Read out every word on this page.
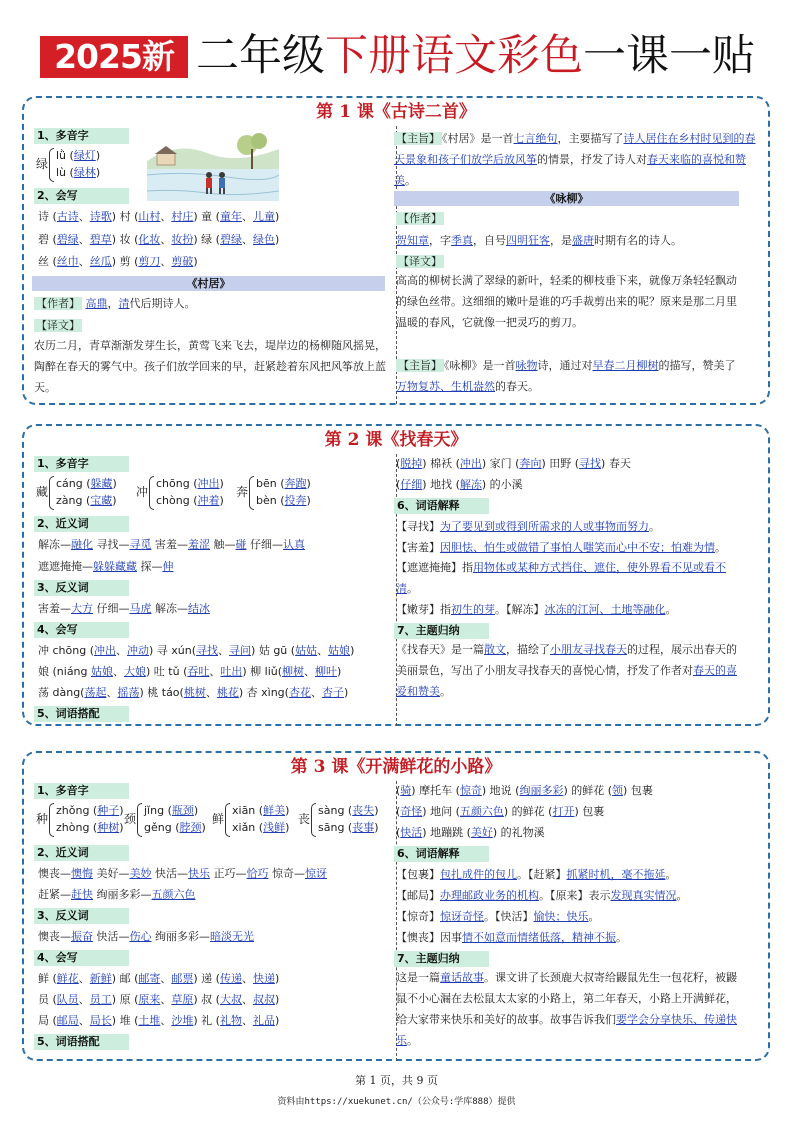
2025新 二年级下册语文彩色一课一贴
第 1 课《古诗二首》
1、多音字
绿
lǜ (绿灯)
lù (绿林)
2、会写
诗 (古诗、诗歌) 村 (山村、村庄) 童 (童年、儿童)
碧 (碧绿、碧草) 妆 (化妆、妆扮) 绿 (碧绿、绿色)
丝 (丝巾、丝瓜) 剪 (剪刀、剪破)
《村居》
【作者】 高鼎，清代后期诗人。
【译文】
农历二月，青草渐渐发芽生长，黄莺飞来飞去，堤岸边的杨柳随风摇晃，陶醉在春天的雾气中。孩子们放学回来的早，赶紧趁着东风把风筝放上蓝天。
【主旨】 《村居》是一首七言绝句，主要描写了诗人居住在乡村时见到的春天景象和孩子们放学后放风筝的情景，抒发了诗人对春天来临的喜悦和赞美。
《咏柳》
【作者】
贺知章，字季真，自号四明狂客，是盛唐时期有名的诗人。
【译文】
高高的柳树长满了翠绿的新叶，轻柔的柳枝垂下来，就像万条轻轻飘动的绿色丝带。这细细的嫩叶是谁的巧手裁剪出来的呢？原来是那二月里温暖的春风，它就像一把灵巧的剪刀。
【主旨】 《咏柳》是一首咏物诗，通过对早春二月柳树的描写，赞美了万物复苏、生机盎然的春天。
第 2 课《找春天》
1、多音字
藏
cáng (躲藏)
zàng (宝藏)
冲
chōng (冲出)
chòng (冲着)
奔
bēn (奔跑)
bèn (投奔)
2、近义词
解冻—融化 寻找—寻觅 害羞—羞涩 触—碰 仔细—认真
遮遮掩掩—躲躲藏藏 探—伸
3、反义词
害羞—大方 仔细—马虎 解冻—结冰
4、会写
冲 chōng (冲出、冲动) 寻 xún(寻找、寻问) 姑 gū (姑姑、姑娘)
娘 (niáng 姑娘、大娘) 吐 tǔ (吞吐、吐出) 柳 liǔ(柳树、柳叶)
荡 dàng(荡起、摇荡) 桃 táo(桃树、桃花) 杏 xìng(杏花、杏子)
5、词语搭配
(脱掉) 棉袄 (冲出) 家门 (奔向) 田野 (寻找) 春天
(仔细) 地找 (解冻) 的小溪
6、词语解释
【寻找】为了要见到或得到所需求的人或事物而努力。
【害羞】因胆怯、怕生或做错了事怕人嗤笑而心中不安；怕难为情。
【遮遮掩掩】指用物体或某种方式挡住、遮住，使外界看不见或看不清。
【嫩芽】指初生的芽。【解冻】冰冻的江河、土地等融化。
7、主题归纳
《找春天》是一篇散文，描绘了小朋友寻找春天的过程，展示出春天的美丽景色，写出了小朋友寻找春天的喜悦心情，抒发了作者对春天的喜爱和赞美。
第 3 课《开满鲜花的小路》
1、多音字
种
zhǒng (种子)
zhòng (种树)
颈
jǐng (瓶颈)
gěng (脖颈)
鲜
xiān (鲜美)
xiǎn (浅鲜)
丧
sàng (丧失)
sāng (丧事)
2、近义词
懊丧—懊悔 美好—美妙 快活—快乐 正巧—恰巧 惊奇—惊讶
赶紧—赶快 绚丽多彩—五颜六色
3、反义词
懊丧—振奋 快活—伤心 绚丽多彩—暗淡无光
4、会写
鲜 (鲜花、新鲜) 邮 (邮寄、邮票) 递 (传递、快递)
员 (队员、员工) 原 (原来、草原) 叔 (大叔、叔叔)
局 (邮局、局长) 堆 (土堆、沙堆) 礼 (礼物、礼品)
5、词语搭配
(骑) 摩托车 (惊奇) 地说 (绚丽多彩) 的鲜花 (领) 包裹
(奇怪) 地问 (五颜六色) 的鲜花 (打开) 包裹
(快活) 地蹦跳 (美好) 的礼物溪
6、词语解释
【包裹】包扎成件的包儿。【赶紧】抓紧时机，毫不拖延。
【邮局】办理邮政业务的机构。【原来】表示发现真实情况。
【惊奇】惊讶奇怪。【快活】愉快；快乐。
【懊丧】因事情不如意而情绪低落，精神不振。
7、主题归纳
这是一篇童话故事。课文讲了长颈鹿大叔寄给鼹鼠先生一包花籽，被鼹鼠不小心漏在去松鼠太太家的小路上，第二年春天，小路上开满鲜花，给大家带来快乐和美好的故事。故事告诉我们要学会分享快乐、传递快乐。
第 1 页，共 9 页
资料由https://xuekunet.cn/（公众号:学库888）提供
